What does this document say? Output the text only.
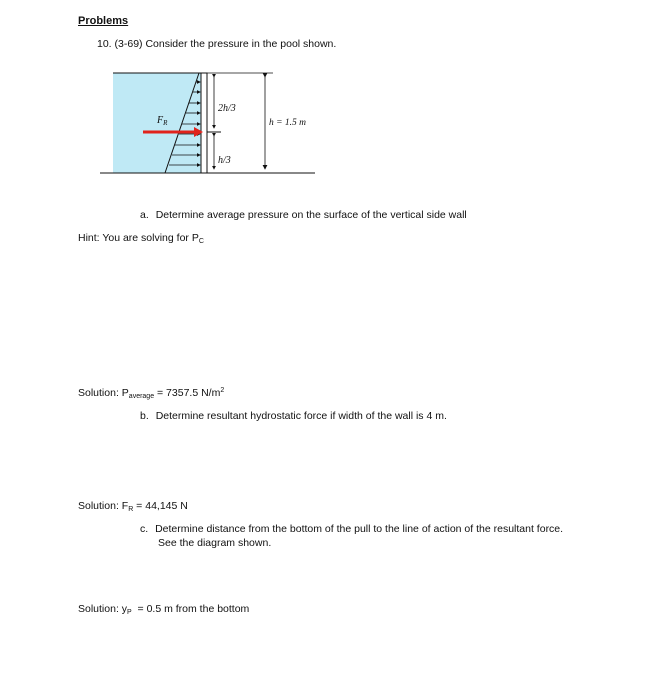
Problems
10. (3-69) Consider the pressure in the pool shown.
$F_R$
2h/3
h/3
h = 1.5 m
a. Determine average pressure on the surface of the vertical side wall
Hint: You are solving for $P_C$
Solution: $P_{average} = 7357.5$ $N/m^2$
b. Determine resultant hydrostatic force if width of the wall is 4 m.
Solution: $F_R = 44,145$ N
c. Determine distance from the bottom of the pull to the line of action of the resultant force.
See the diagram shown.
Solution: $y_P = 0.5$ m from the bottom
